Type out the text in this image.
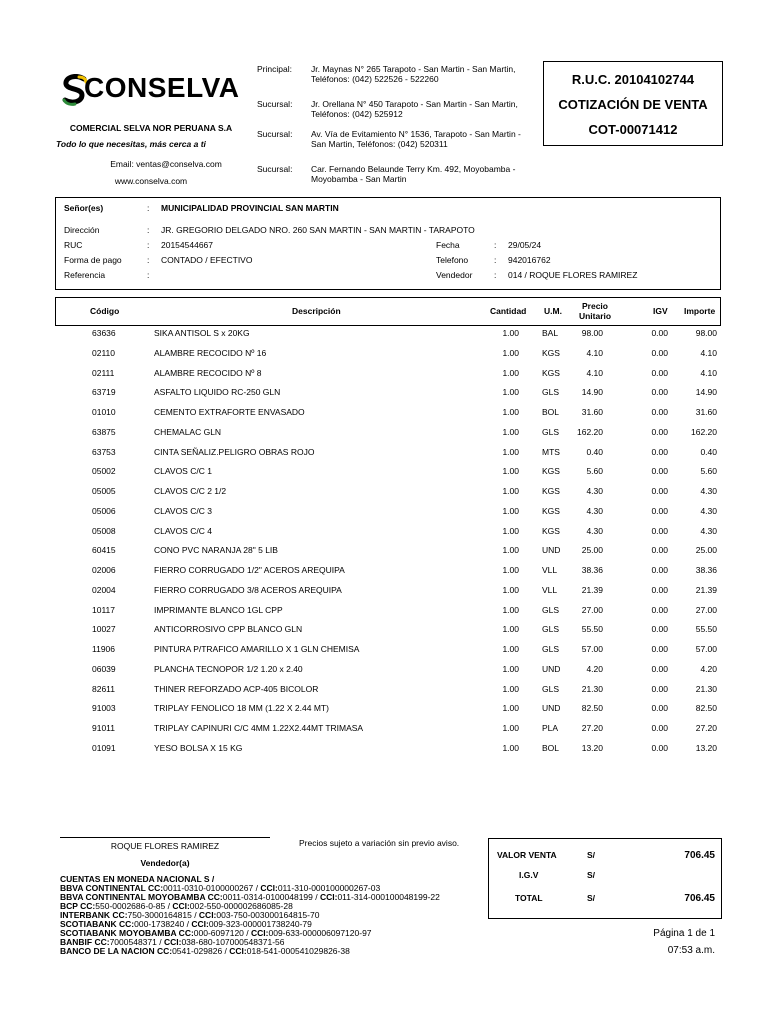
CONSELVA
COMERCIAL SELVA NOR PERUANA S.A
Todo lo que necesitas, más cerca a ti
Email: ventas@conselva.com
www.conselva.com
Principal: Jr. Maynas N° 265 Tarapoto - San Martin - San Martin, Teléfonos: (042) 522526 - 522260
Sucursal: Jr. Orellana N° 450 Tarapoto - San Martin - San Martin, Teléfonos: (042) 525912
Sucursal: Av. Vía de Evitamiento N° 1536, Tarapoto - San Martin - San Martin, Teléfonos: (042) 520311
Sucursal: Car. Fernando Belaunde Terry Km. 492, Moyobamba - Moyobamba - San Martin
R.U.C. 20104102744
COTIZACIÓN DE VENTA
COT-00071412
Señor(es)	: MUNICIPALIDAD PROVINCIAL SAN MARTIN
Dirección	: JR. GREGORIO DELGADO NRO. 260 SAN MARTIN - SAN MARTIN - TARAPOTO
RUC	: 20154544667
Forma de pago	: CONTADO / EFECTIVO
Referencia	:
Fecha	: 29/05/24
Telefono	: 942016762
Vendedor	: 014 / ROQUE FLORES RAMIREZ
Código	Descripción	Cantidad U.M.	Precio
Unitario	IGV Importe
63636	SIKA ANTISOL S x 20KG	1.00	BAL	98.00	0.00	98.00
02110	ALAMBRE RECOCIDO Nº 16	1.00	KGS	4.10	0.00	4.10
02111	ALAMBRE RECOCIDO Nº 8	1.00	KGS	4.10	0.00	4.10
63719	ASFALTO LIQUIDO RC-250 GLN	1.00	GLS	14.90	0.00	14.90
01010	CEMENTO EXTRAFORTE ENVASADO	1.00	BOL	31.60	0.00	31.60
63875	CHEMALAC GLN	1.00	GLS	162.20	0.00	162.20
63753	CINTA SEÑALIZ.PELIGRO OBRAS ROJO	1.00	MTS	0.40	0.00	0.40
05002	CLAVOS C/C 1	1.00	KGS	5.60	0.00	5.60
05005	CLAVOS C/C 2 1/2	1.00	KGS	4.30	0.00	4.30
05006	CLAVOS C/C 3	1.00	KGS	4.30	0.00	4.30
05008	CLAVOS C/C 4	1.00	KGS	4.30	0.00	4.30
60415	CONO PVC NARANJA 28" 5 LIB	1.00	UND	25.00	0.00	25.00
02006	FIERRO CORRUGADO 1/2" ACEROS AREQUIPA	1.00	VLL	38.36	0.00	38.36
02004	FIERRO CORRUGADO 3/8 ACEROS AREQUIPA	1.00	VLL	21.39	0.00	21.39
10117	IMPRIMANTE BLANCO 1GL CPP	1.00	GLS	27.00	0.00	27.00
10027	ANTICORROSIVO CPP BLANCO GLN	1.00	GLS	55.50	0.00	55.50
11906	PINTURA P/TRAFICO AMARILLO X 1 GLN CHEMISA	1.00	GLS	57.00	0.00	57.00
06039	PLANCHA TECNOPOR 1/2 1.20 x 2.40	1.00	UND	4.20	0.00	4.20
82611	THINER REFORZADO ACP-405 BICOLOR	1.00	GLS	21.30	0.00	21.30
91003	TRIPLAY FENOLICO 18 MM (1.22 X 2.44 MT)	1.00	UND	82.50	0.00	82.50
91011	TRIPLAY CAPINURI C/C 4MM 1.22X2.44MT TRIMASA	1.00	PLA	27.20	0.00	27.20
01091	YESO BOLSA X 15 KG	1.00	BOL	13.20	0.00	13.20
ROQUE FLORES RAMIREZ
Vendedor(a)
Precios sujeto a variación sin previo aviso.
CUENTAS EN MONEDA NACIONAL S /
BBVA CONTINENTAL CC:0011-0310-0100000267 / CCI:011-310-000100000267-03
BBVA CONTINENTAL MOYOBAMBA CC:0011-0314-0100048199 / CCI:011-314-000100048199-22
BCP CC:550-0002686-0-85 / CCI:002-550-000002686085-28
INTERBANK CC:750-3000164815 / CCI:003-750-003000164815-70
SCOTIABANK CC:000-1738240 / CCI:009-323-000001738240-79
SCOTIABANK MOYOBAMBA CC:000-6097120 / CCI:009-633-000006097120-97
BANBIF CC:7000548371 / CCI:038-680-107000548371-56
BANCO DE LA NACION CC:0541-029826 / CCI:018-541-000541029826-38
VALOR VENTA	S/	706.45
I.G.V	S/
TOTAL	S/	706.45
Página 1 de 1
07:53 a.m.
